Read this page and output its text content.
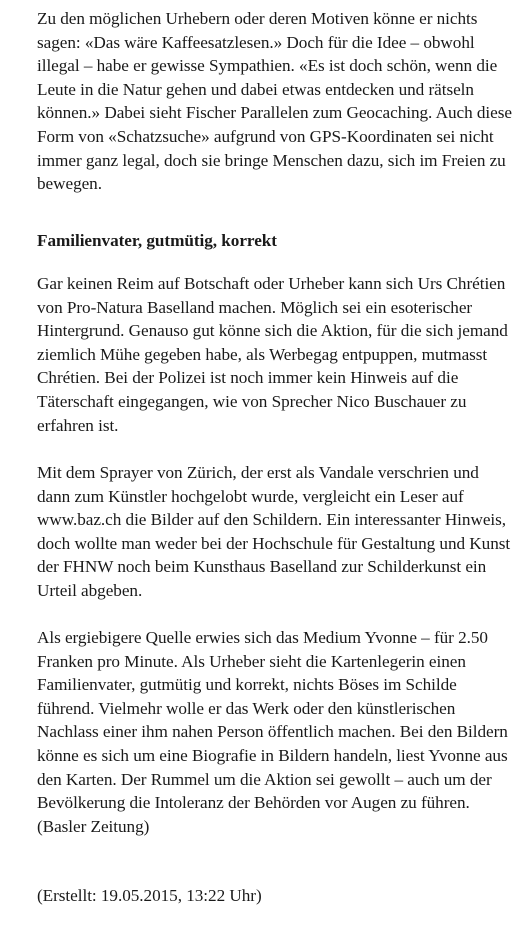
Zu den möglichen Urhebern oder deren Motiven könne er nichts sagen: «Das wäre Kaffeesatzlesen.» Doch für die Idee – obwohl illegal – habe er gewisse Sympathien. «Es ist doch schön, wenn die Leute in die Natur gehen und dabei etwas entdecken und rätseln können.» Dabei sieht Fischer Parallelen zum Geocaching. Auch diese Form von «Schatzsuche» aufgrund von GPS-Koordinaten sei nicht immer ganz legal, doch sie bringe Menschen dazu, sich im Freien zu bewegen.

Familienvater, gutmütig, korrekt

Gar keinen Reim auf Botschaft oder Urheber kann sich Urs Chrétien von Pro-Natura Baselland machen. Möglich sei ein esoterischer Hintergrund. Genauso gut könne sich die Aktion, für die sich jemand ziemlich Mühe gegeben habe, als Werbegag entpuppen, mutmasst Chrétien. Bei der Polizei ist noch immer kein Hinweis auf die Täterschaft eingegangen, wie von Sprecher Nico Buschauer zu erfahren ist.

Mit dem Sprayer von Zürich, der erst als Vandale verschrien und dann zum Künstler hochgelobt wurde, vergleicht ein Leser auf www.baz.ch die Bilder auf den Schildern. Ein interessanter Hinweis, doch wollte man weder bei der Hochschule für Gestaltung und Kunst der FHNW noch beim Kunsthaus Baselland zur Schilderkunst ein Urteil abgeben.

Als ergiebigere Quelle erwies sich das Medium Yvonne – für 2.50 Franken pro Minute. Als Urheber sieht die Kartenlegerin einen Familienvater, gutmütig und korrekt, nichts Böses im Schilde führend. Vielmehr wolle er das Werk oder den künstlerischen Nachlass einer ihm nahen Person öffentlich machen. Bei den Bildern könne es sich um eine Biografie in Bildern handeln, liest Yvonne aus den Karten. Der Rummel um die Aktion sei gewollt – auch um der Bevölkerung die Intoleranz der Behörden vor Augen zu führen. (Basler Zeitung)

(Erstellt: 19.05.2015, 13:22 Uhr)
